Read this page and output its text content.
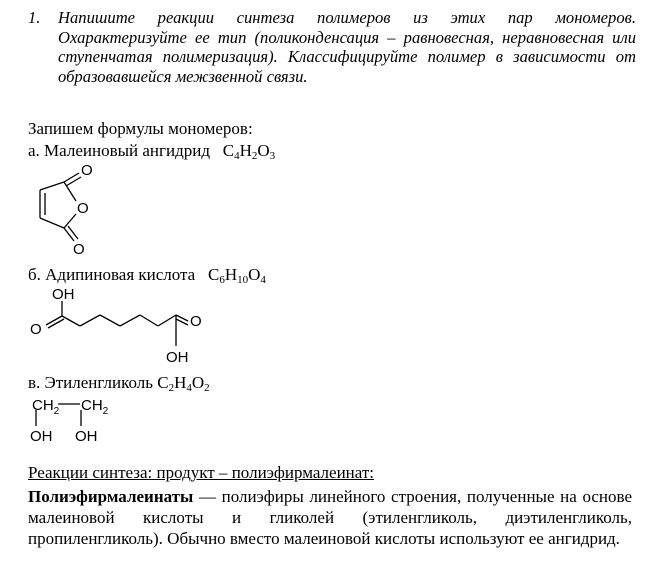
1. Напишите реакции синтеза полимеров из этих пар мономеров. Охарактеризуйте ее тип (поликонденсация – равновесная, неравновесная или ступенчатая полимеризация). Классифицируйте полимер в зависимости от образовавшейся межзвенной связи.
Запишем формулы мономеров:
а. Малеиновый ангидрид $C_4H_2O_3$
б. Адипиновая кислота $C_6H_{10}O_4$
в. Этиленгликоль $C_2H_4O_2$
O
O
O
OH
O	O
OH
$CH_2$ $CH_2$
OH OH
Реакции синтеза: продукт – полиэфирмалеинат:
Полиэфирмалеинаты — полиэфиры линейного строения, полученные на основе малеиновой кислоты и гликолей (этиленгликоль, диэтиленгликоль, пропиленгликоль). Обычно вместо малеиновой кислоты используют ее ангидрид.
